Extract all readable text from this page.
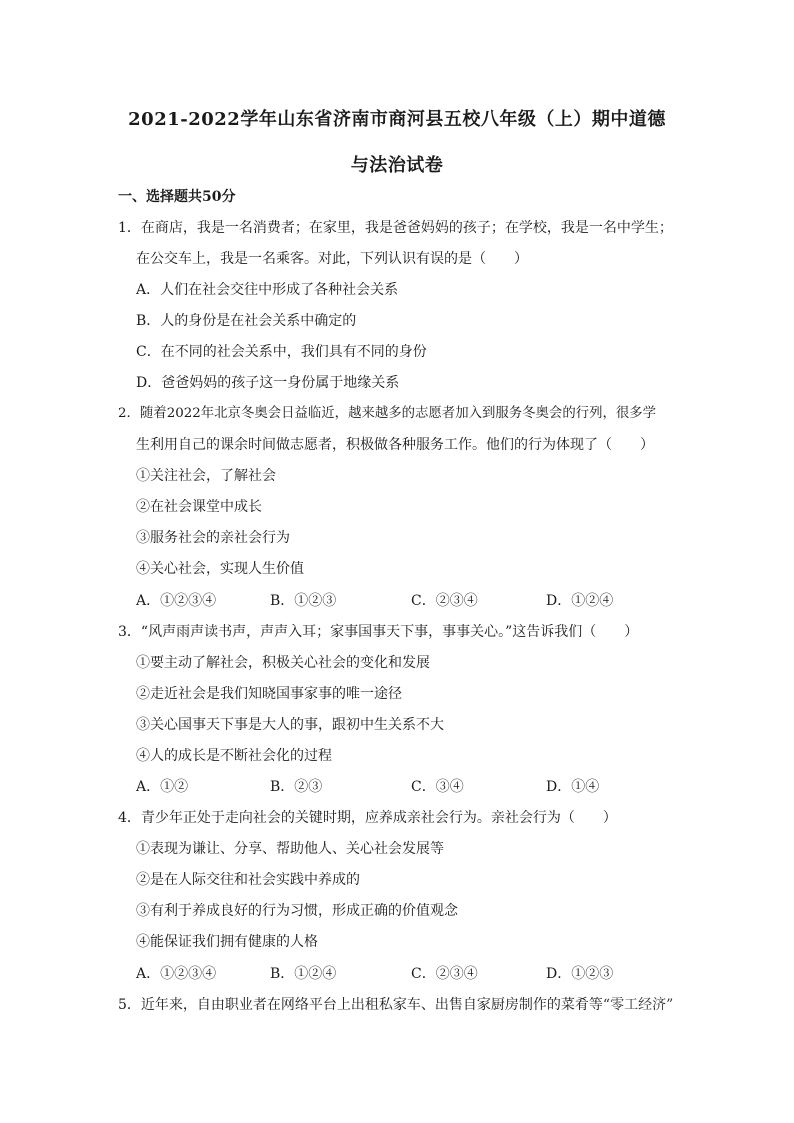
2021-2022学年山东省济南市商河县五校八年级（上）期中道德
与法治试卷
一、选择题共50分
1．在商店，我是一名消费者；在家里，我是爸爸妈妈的孩子；在学校，我是一名中学生；
在公交车上，我是一名乘客。对此，下列认识有误的是（　　）
A．人们在社会交往中形成了各种社会关系
B．人的身份是在社会关系中确定的
C．在不同的社会关系中，我们具有不同的身份
D．爸爸妈妈的孩子这一身份属于地缘关系
2．随着2022年北京冬奥会日益临近，越来越多的志愿者加入到服务冬奥会的行列，很多学
生利用自己的课余时间做志愿者，积极做各种服务工作。他们的行为体现了（　　）
①关注社会，了解社会
②在社会课堂中成长
③服务社会的亲社会行为
④关心社会，实现人生价值
A．①②③④	B．①②③	C．②③④	D．①②④
3．“风声雨声读书声，声声入耳；家事国事天下事，事事关心。”这告诉我们（　　）
①要主动了解社会，积极关心社会的变化和发展
②走近社会是我们知晓国事家事的唯一途径
③关心国事天下事是大人的事，跟初中生关系不大
④人的成长是不断社会化的过程
A．①②	B．②③	C．③④	D．①④
4．青少年正处于走向社会的关键时期，应养成亲社会行为。亲社会行为（　　）
①表现为谦让、分享、帮助他人、关心社会发展等
②是在人际交往和社会实践中养成的
③有利于养成良好的行为习惯，形成正确的价值观念
④能保证我们拥有健康的人格
A．①②③④	B．①②④	C．②③④	D．①②③
5．近年来，自由职业者在网络平台上出租私家车、出售自家厨房制作的菜肴等“零工经济”
